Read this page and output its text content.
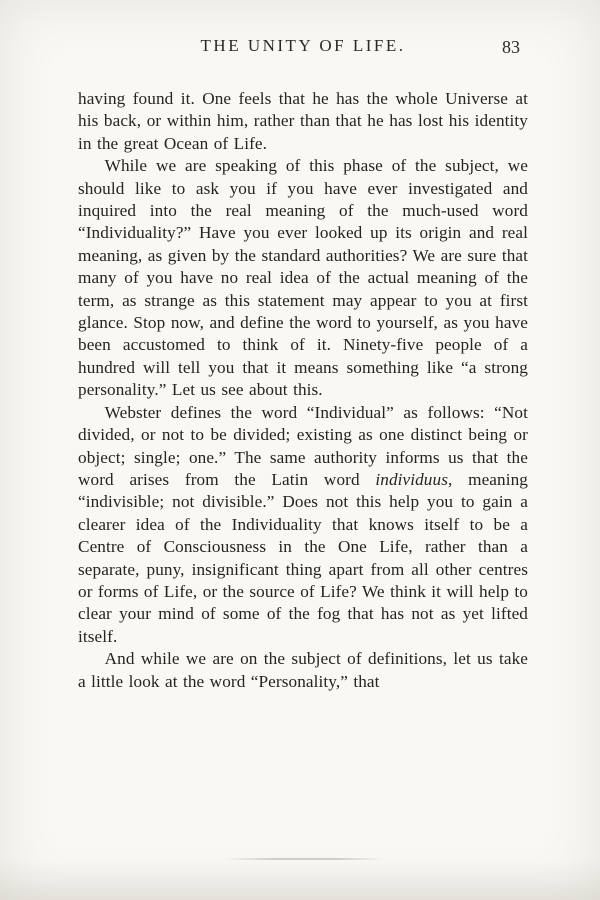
THE UNITY OF LIFE.	83

having found it. One feels that he has the whole Universe at his back, or within him, rather than that he has lost his identity in the great Ocean of Life.

While we are speaking of this phase of the subject, we should like to ask you if you have ever investigated and inquired into the real meaning of the much-used word “Individuality?” Have you ever looked up its origin and real meaning, as given by the standard authorities? We are sure that many of you have no real idea of the actual meaning of the term, as strange as this statement may appear to you at first glance. Stop now, and define the word to yourself, as you have been accustomed to think of it. Ninety-five people of a hundred will tell you that it means something like “a strong personality.” Let us see about this.

Webster defines the word “Individual” as follows: “Not divided, or not to be divided; existing as one distinct being or object; single; one.” The same authority informs us that the word arises from the Latin word individuus, meaning “indivisible; not divisible.” Does not this help you to gain a clearer idea of the Individuality that knows itself to be a Centre of Consciousness in the One Life, rather than a separate, puny, insignificant thing apart from all other centres or forms of Life, or the source of Life? We think it will help to clear your mind of some of the fog that has not as yet lifted itself.

And while we are on the subject of definitions, let us take a little look at the word “Personality,” that
